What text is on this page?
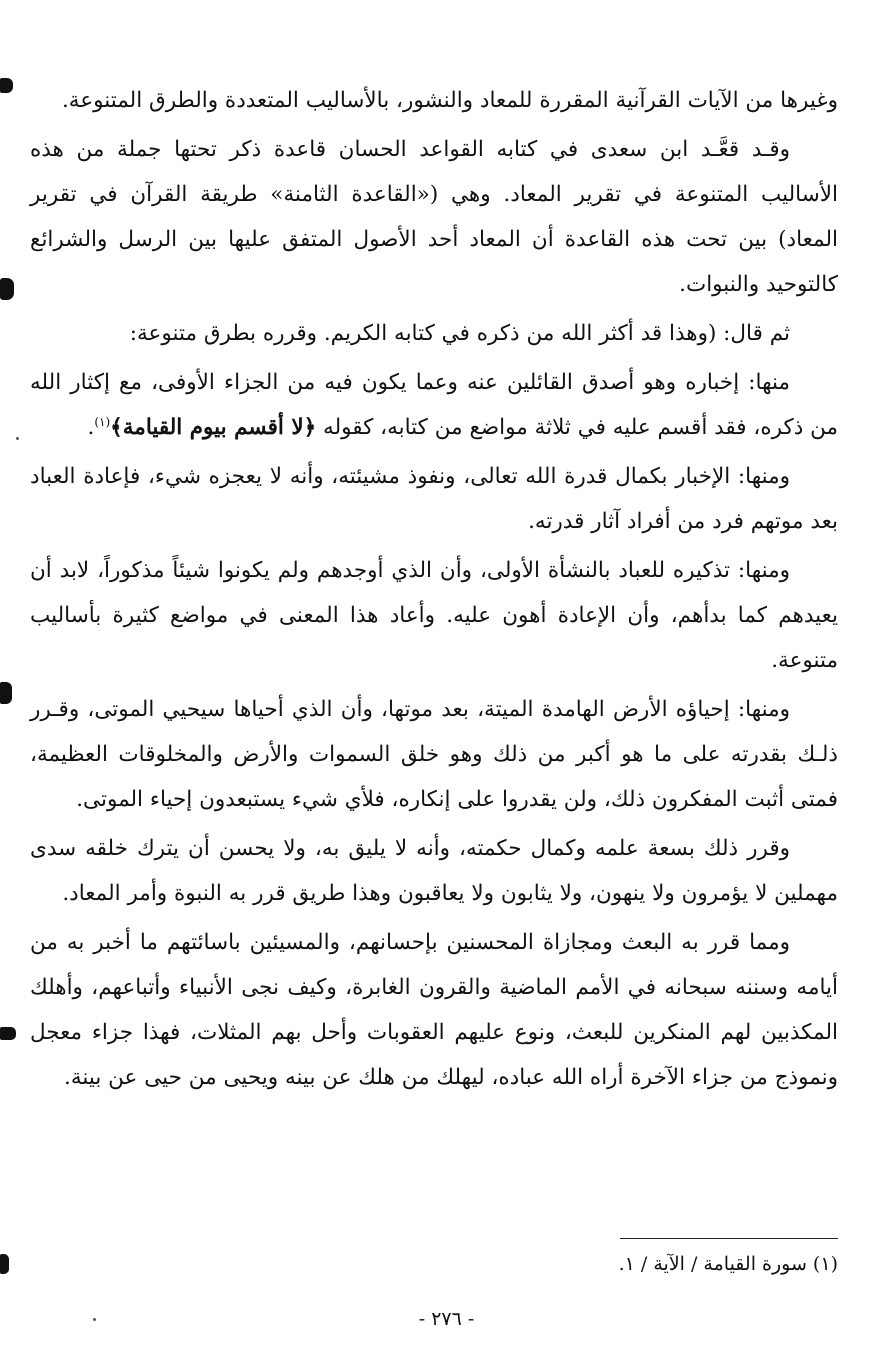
وغيرها من الآيات القرآنية المقررة للمعاد والنشور، بالأساليب المتعددة والطرق المتنوعة.

وقـد قعَّـد ابن سعدى في كتابه القواعد الحسان قاعدة ذكر تحتها جملة من هذه الأساليب المتنوعة في تقرير المعاد. وهي («القاعدة الثامنة» طريقة القرآن في تقرير المعاد) بين تحت هذه القاعدة أن المعاد أحد الأصول المتفق عليها بين الرسل والشرائع كالتوحيد والنبوات.

ثم قال: (وهذا قد أكثر الله من ذكره في كتابه الكريم. وقرره بطرق متنوعة:

منها: إخباره وهو أصدق القائلين عنه وعما يكون فيه من الجزاء الأوفى، مع إكثار الله من ذكره، فقد أقسم عليه في ثلاثة مواضع من كتابه، كقوله ﴿لا أقسم بيوم القيامة﴾$^{(١)}$.

ومنها: الإخبار بكمال قدرة الله تعالى، ونفوذ مشيئته، وأنه لا يعجزه شيء، فإعادة العباد بعد موتهم فرد من أفراد آثار قدرته.

ومنها: تذكيره للعباد بالنشأة الأولى، وأن الذي أوجدهم ولم يكونوا شيئاً مذكوراً، لابد أن يعيدهم كما بدأهم، وأن الإعادة أهون عليه. وأعاد هذا المعنى في مواضع كثيرة بأساليب متنوعة.

ومنها: إحياؤه الأرض الهامدة الميتة، بعد موتها، وأن الذي أحياها سيحيي الموتى، وقـرر ذلـك بقدرته على ما هو أكبر من ذلك وهو خلق السموات والأرض والمخلوقات العظيمة، فمتى أثبت المفكرون ذلك، ولن يقدروا على إنكاره، فلأي شيء يستبعدون إحياء الموتى.

وقرر ذلك بسعة علمه وكمال حكمته، وأنه لا يليق به، ولا يحسن أن يترك خلقه سدى مهملين لا يؤمرون ولا ينهون، ولا يثابون ولا يعاقبون وهذا طريق قرر به النبوة وأمر المعاد.

ومما قرر به البعث ومجازاة المحسنين بإحسانهم، والمسيئين باسائتهم ما أخبر به من أيامه وسننه سبحانه في الأمم الماضية والقرون الغابرة، وكيف نجى الأنبياء وأتباعهم، وأهلك المكذبين لهم المنكرين للبعث، ونوع عليهم العقوبات وأحل بهم المثلات، فهذا جزاء معجل ونموذج من جزاء الآخرة أراه الله عباده، ليهلك من هلك عن بينه ويحيى من حيى عن بينة.

(١) سورة القيامة / الآية / ١.
- ٢٧٦ -
